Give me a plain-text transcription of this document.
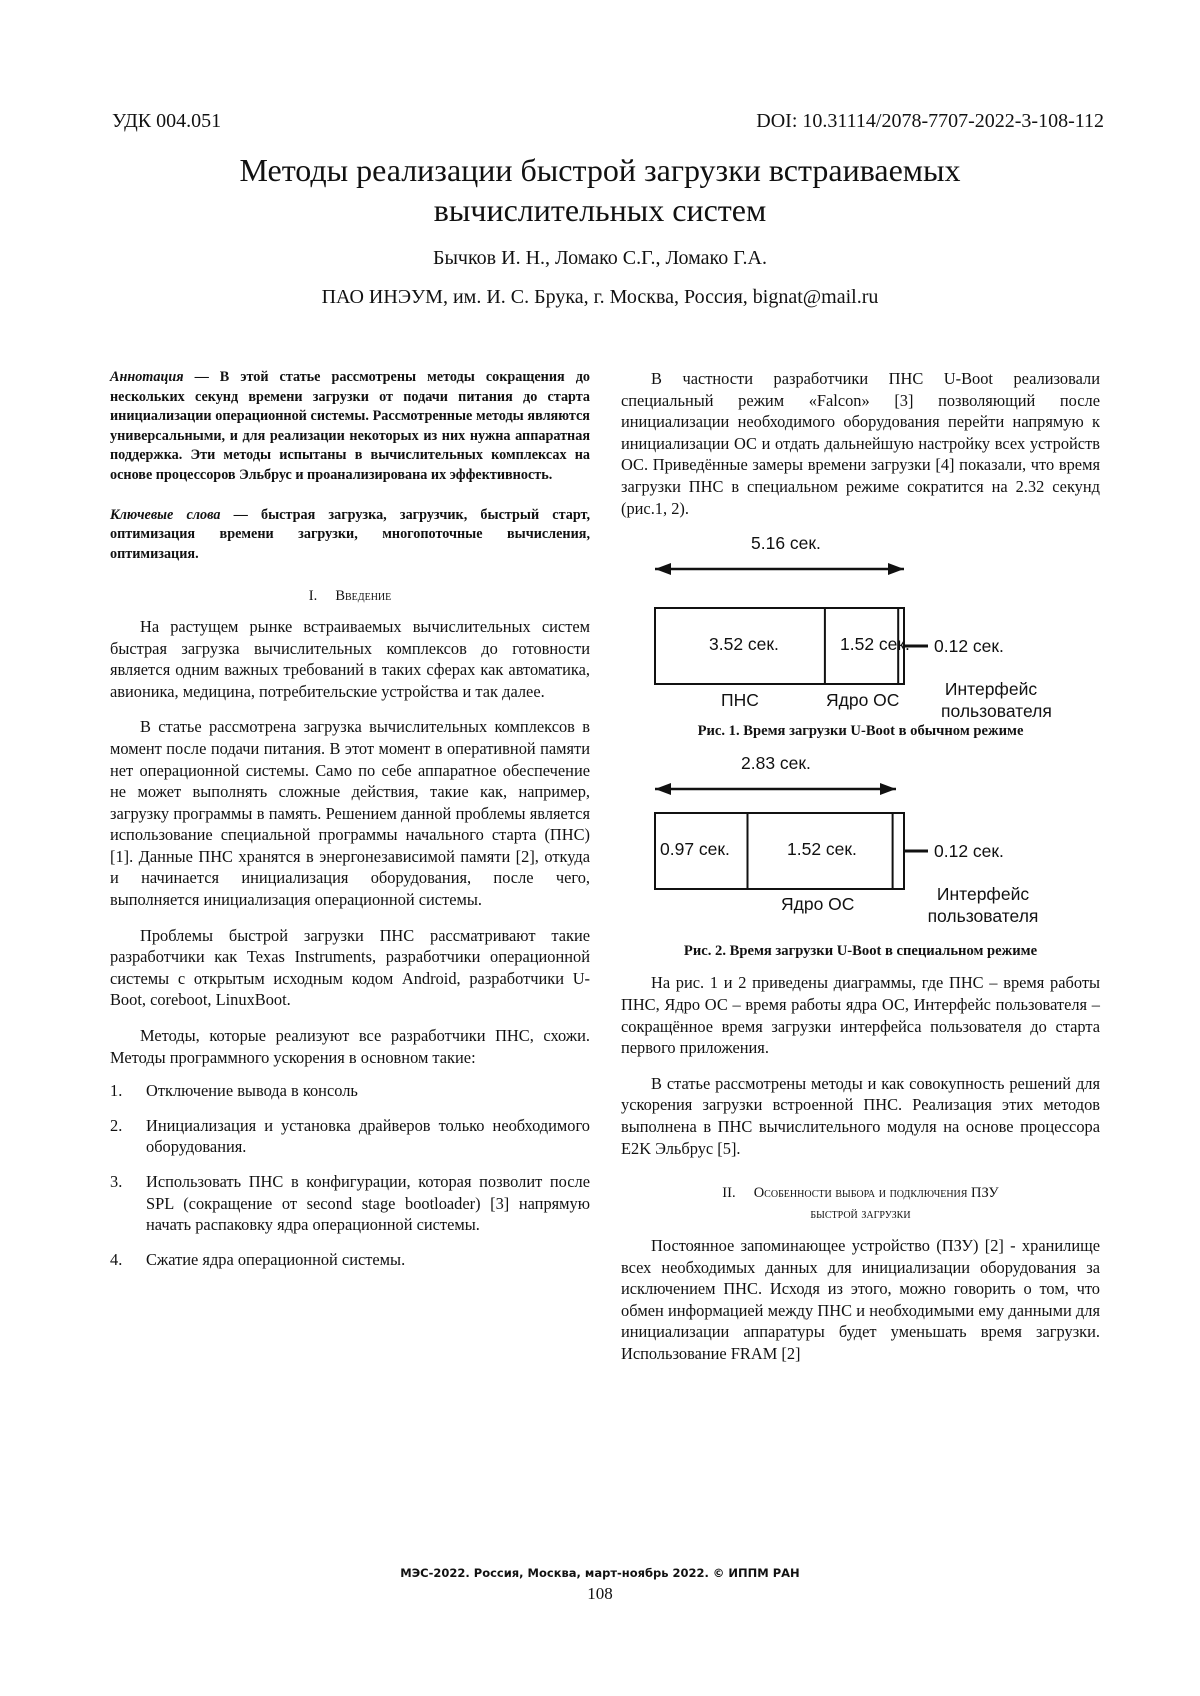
УДК 004.051	DOI: 10.31114/2078-7707-2022-3-108-112
Методы реализации быстрой загрузки встраиваемых
вычислительных систем
Бычков И. Н., Ломако С.Г., Ломако Г.А.
ПАО ИНЭУМ, им. И. С. Брука, г. Москва, Россия, bignat@mail.ru

Аннотация — В этой статье рассмотрены методы сокращения до нескольких секунд времени загрузки от подачи питания до старта инициализации операционной системы. Рассмотренные методы являются универсальными, и для реализации некоторых из них нужна аппаратная поддержка. Эти методы испытаны в вычислительных комплексах на основе процессоров Эльбрус и проанализирована их эффективность.

Ключевые слова — быстрая загрузка, загрузчик, быстрый старт, оптимизация времени загрузки, многопоточные вычисления, оптимизация.

I. Введение

На растущем рынке встраиваемых вычислительных систем быстрая загрузка вычислительных комплексов до готовности является одним важных требований в таких сферах как автоматика, авионика, медицина, потребительские устройства и так далее.

В статье рассмотрена загрузка вычислительных комплексов в момент после подачи питания. В этот момент в оперативной памяти нет операционной системы. Само по себе аппаратное обеспечение не может выполнять сложные действия, такие как, например, загрузку программы в память. Решением данной проблемы является использование специальной программы начального старта (ПНС) [1]. Данные ПНС хранятся в энергонезависимой памяти [2], откуда и начинается инициализация оборудования, после чего, выполняется инициализация операционной системы.

Проблемы быстрой загрузки ПНС рассматривают такие разработчики как Texas Instruments, разработчики операционной системы с открытым исходным кодом Android, разработчики U-Boot, coreboot, LinuxBoot.

Методы, которые реализуют все разработчики ПНС, схожи. Методы программного ускорения в основном такие:

1. Отключение вывода в консоль
2. Инициализация и установка драйверов только необходимого оборудования.
3. Использовать ПНС в конфигурации, которая позволит после SPL (сокращение от second stage bootloader) [3] напрямую начать распаковку ядра операционной системы.
4. Сжатие ядра операционной системы.

В частности разработчики ПНС U-Boot реализовали специальный режим «Falcon» [3] позволяющий после инициализации необходимого оборудования перейти напрямую к инициализации ОС и отдать дальнейшую настройку всех устройств ОС. Приведённые замеры времени загрузки [4] показали, что время загрузки ПНС в специальном режиме сократится на 2.32 секунд (рис.1, 2).

5.16 сек.
3.52 сек.	1.52 сек. 0.12 сек.
ПНС	Ядро ОС
Интерфейс
пользователя
Рис. 1. Время загрузки U-Boot в обычном режиме
2.83 сек.
0.97 сек.	1.52 сек.	0.12 сек.
Ядро ОС	Интерфейс
пользователя
Рис. 2. Время загрузки U-Boot в специальном режиме

На рис. 1 и 2 приведены диаграммы, где ПНС – время работы ПНС, Ядро ОС – время работы ядра ОС, Интерфейс пользователя – сокращённое время загрузки интерфейса пользователя до старта первого приложения.

В статье рассмотрены методы и как совокупность решений для ускорения загрузки встроенной ПНС. Реализация этих методов выполнена в ПНС вычислительного модуля на основе процессора E2K Эльбрус [5].

II. Особенности выбора и подключения ПЗУ
быстрой загрузки

Постоянное запоминающее устройство (ПЗУ) [2] - хранилище всех необходимых данных для инициализации оборудования за исключением ПНС. Исходя из этого, можно говорить о том, что обмен информацией между ПНС и необходимыми ему данными для инициализации аппаратуры будет уменьшать время загрузки. Использование FRAM [2]

МЭС-2022. Россия, Москва, март-ноябрь 2022. © ИППМ РАН
108
